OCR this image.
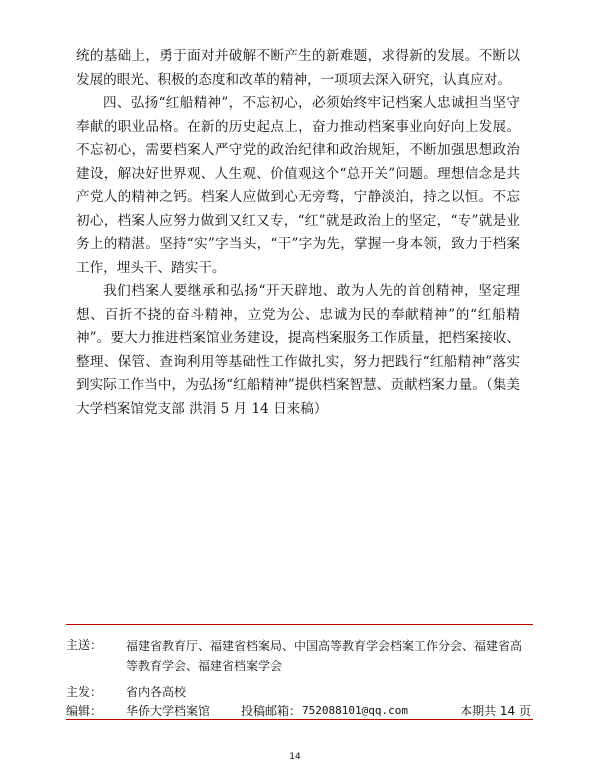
统的基础上，勇于面对并破解不断产生的新难题，求得新的发展。不断以发展的眼光、积极的态度和改革的精神，一项项去深入研究，认真应对。

四、弘扬“红船精神”，不忘初心，必须始终牢记档案人忠诚担当坚守奉献的职业品格。在新的历史起点上，奋力推动档案事业向好向上发展。不忘初心，需要档案人严守党的政治纪律和政治规矩，不断加强思想政治建设，解决好世界观、人生观、价值观这个“总开关”问题。理想信念是共产党人的精神之钙。档案人应做到心无旁骛，宁静淡泊，持之以恒。不忘初心，档案人应努力做到又红又专，“红”就是政治上的坚定，“专”就是业务上的精湛。坚持“实”字当头，“干”字为先，掌握一身本领，致力于档案工作，埋头干、踏实干。

我们档案人要继承和弘扬“开天辟地、敢为人先的首创精神，坚定理想、百折不挠的奋斗精神，立党为公、忠诚为民的奉献精神”的“红船精神”。要大力推进档案馆业务建设，提高档案服务工作质量，把档案接收、整理、保管、查询利用等基础性工作做扎实，努力把践行“红船精神”落实到实际工作当中，为弘扬“红船精神”提供档案智慧、贡献档案力量。（集美大学档案馆党支部 洪涓 5 月 14 日来稿）

主送： 福建省教育厅、福建省档案局、中国高等教育学会档案工作分会、福建省高等教育学会、福建省档案学会
主发： 省内各高校
编辑： 华侨大学档案馆	投稿邮箱： 752088101@qq.com	本期共 14 页
14
